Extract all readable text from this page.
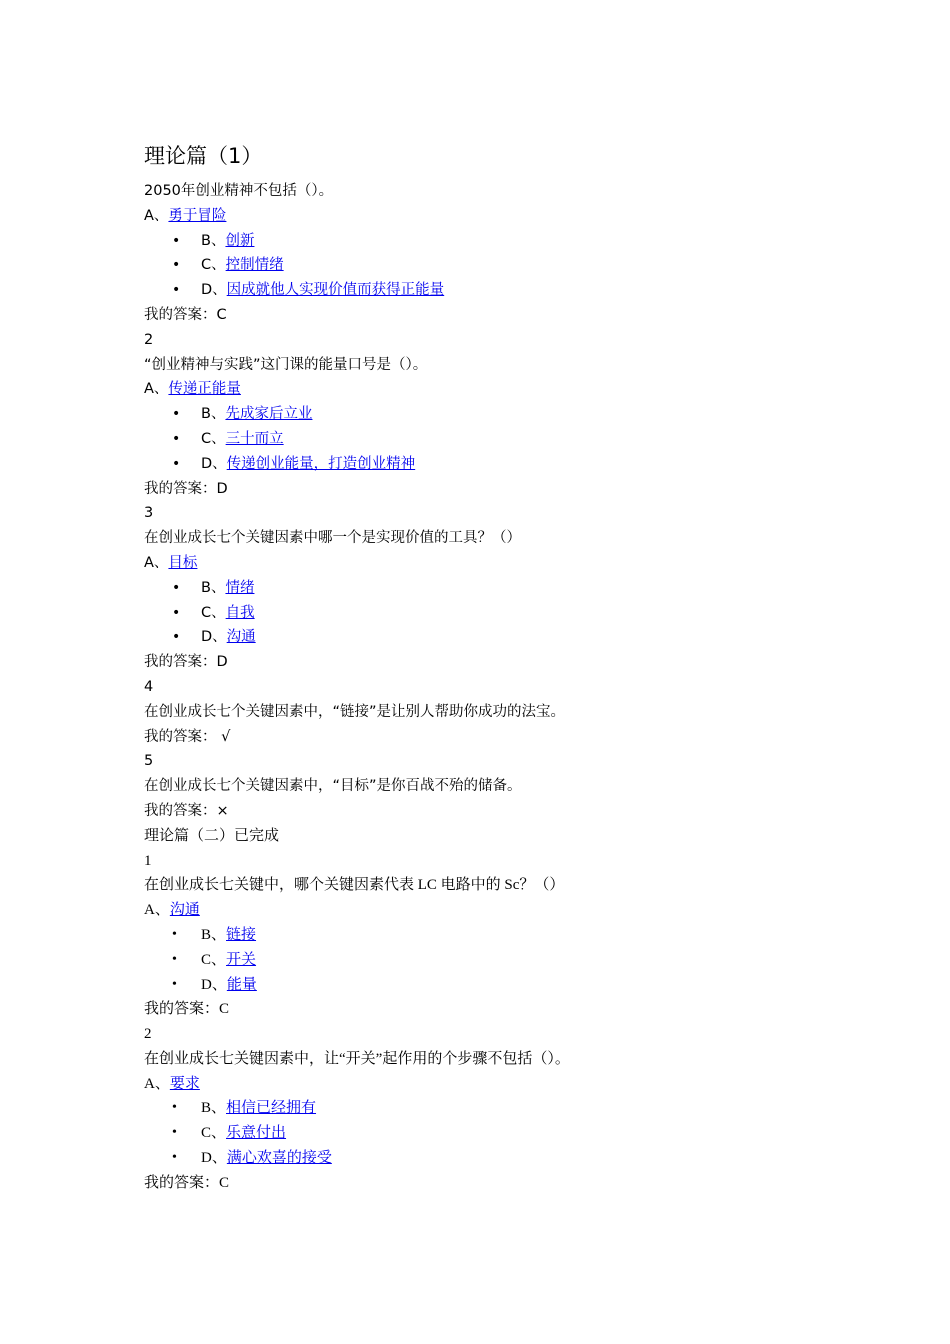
理论篇（1）
2050年创业精神不包括（）。
A、勇于冒险
• B、创新
• C、控制情绪
• D、因成就他人实现价值而获得正能量
我的答案：C
2
“创业精神与实践”这门课的能量口号是（）。
A、传递正能量
• B、先成家后立业
• C、三十而立
• D、传递创业能量，打造创业精神
我的答案：D
3
在创业成长七个关键因素中哪一个是实现价值的工具？（）
A、目标
• B、情绪
• C、自我
• D、沟通
我的答案：D
4
在创业成长七个关键因素中，“链接”是让别人帮助你成功的法宝。
我的答案： √
5
在创业成长七个关键因素中，“目标”是你百战不殆的储备。
我的答案：×
理论篇（二）已完成
1
在创业成长七关键中，哪个关键因素代表 LC 电路中的 Sc？（）
A、沟通
• B、链接
• C、开关
• D、能量
我的答案：C
2
在创业成长七关键因素中，让“开关”起作用的个步骤不包括（）。
A、要求
• B、相信已经拥有
• C、乐意付出
• D、满心欢喜的接受
我的答案：C
